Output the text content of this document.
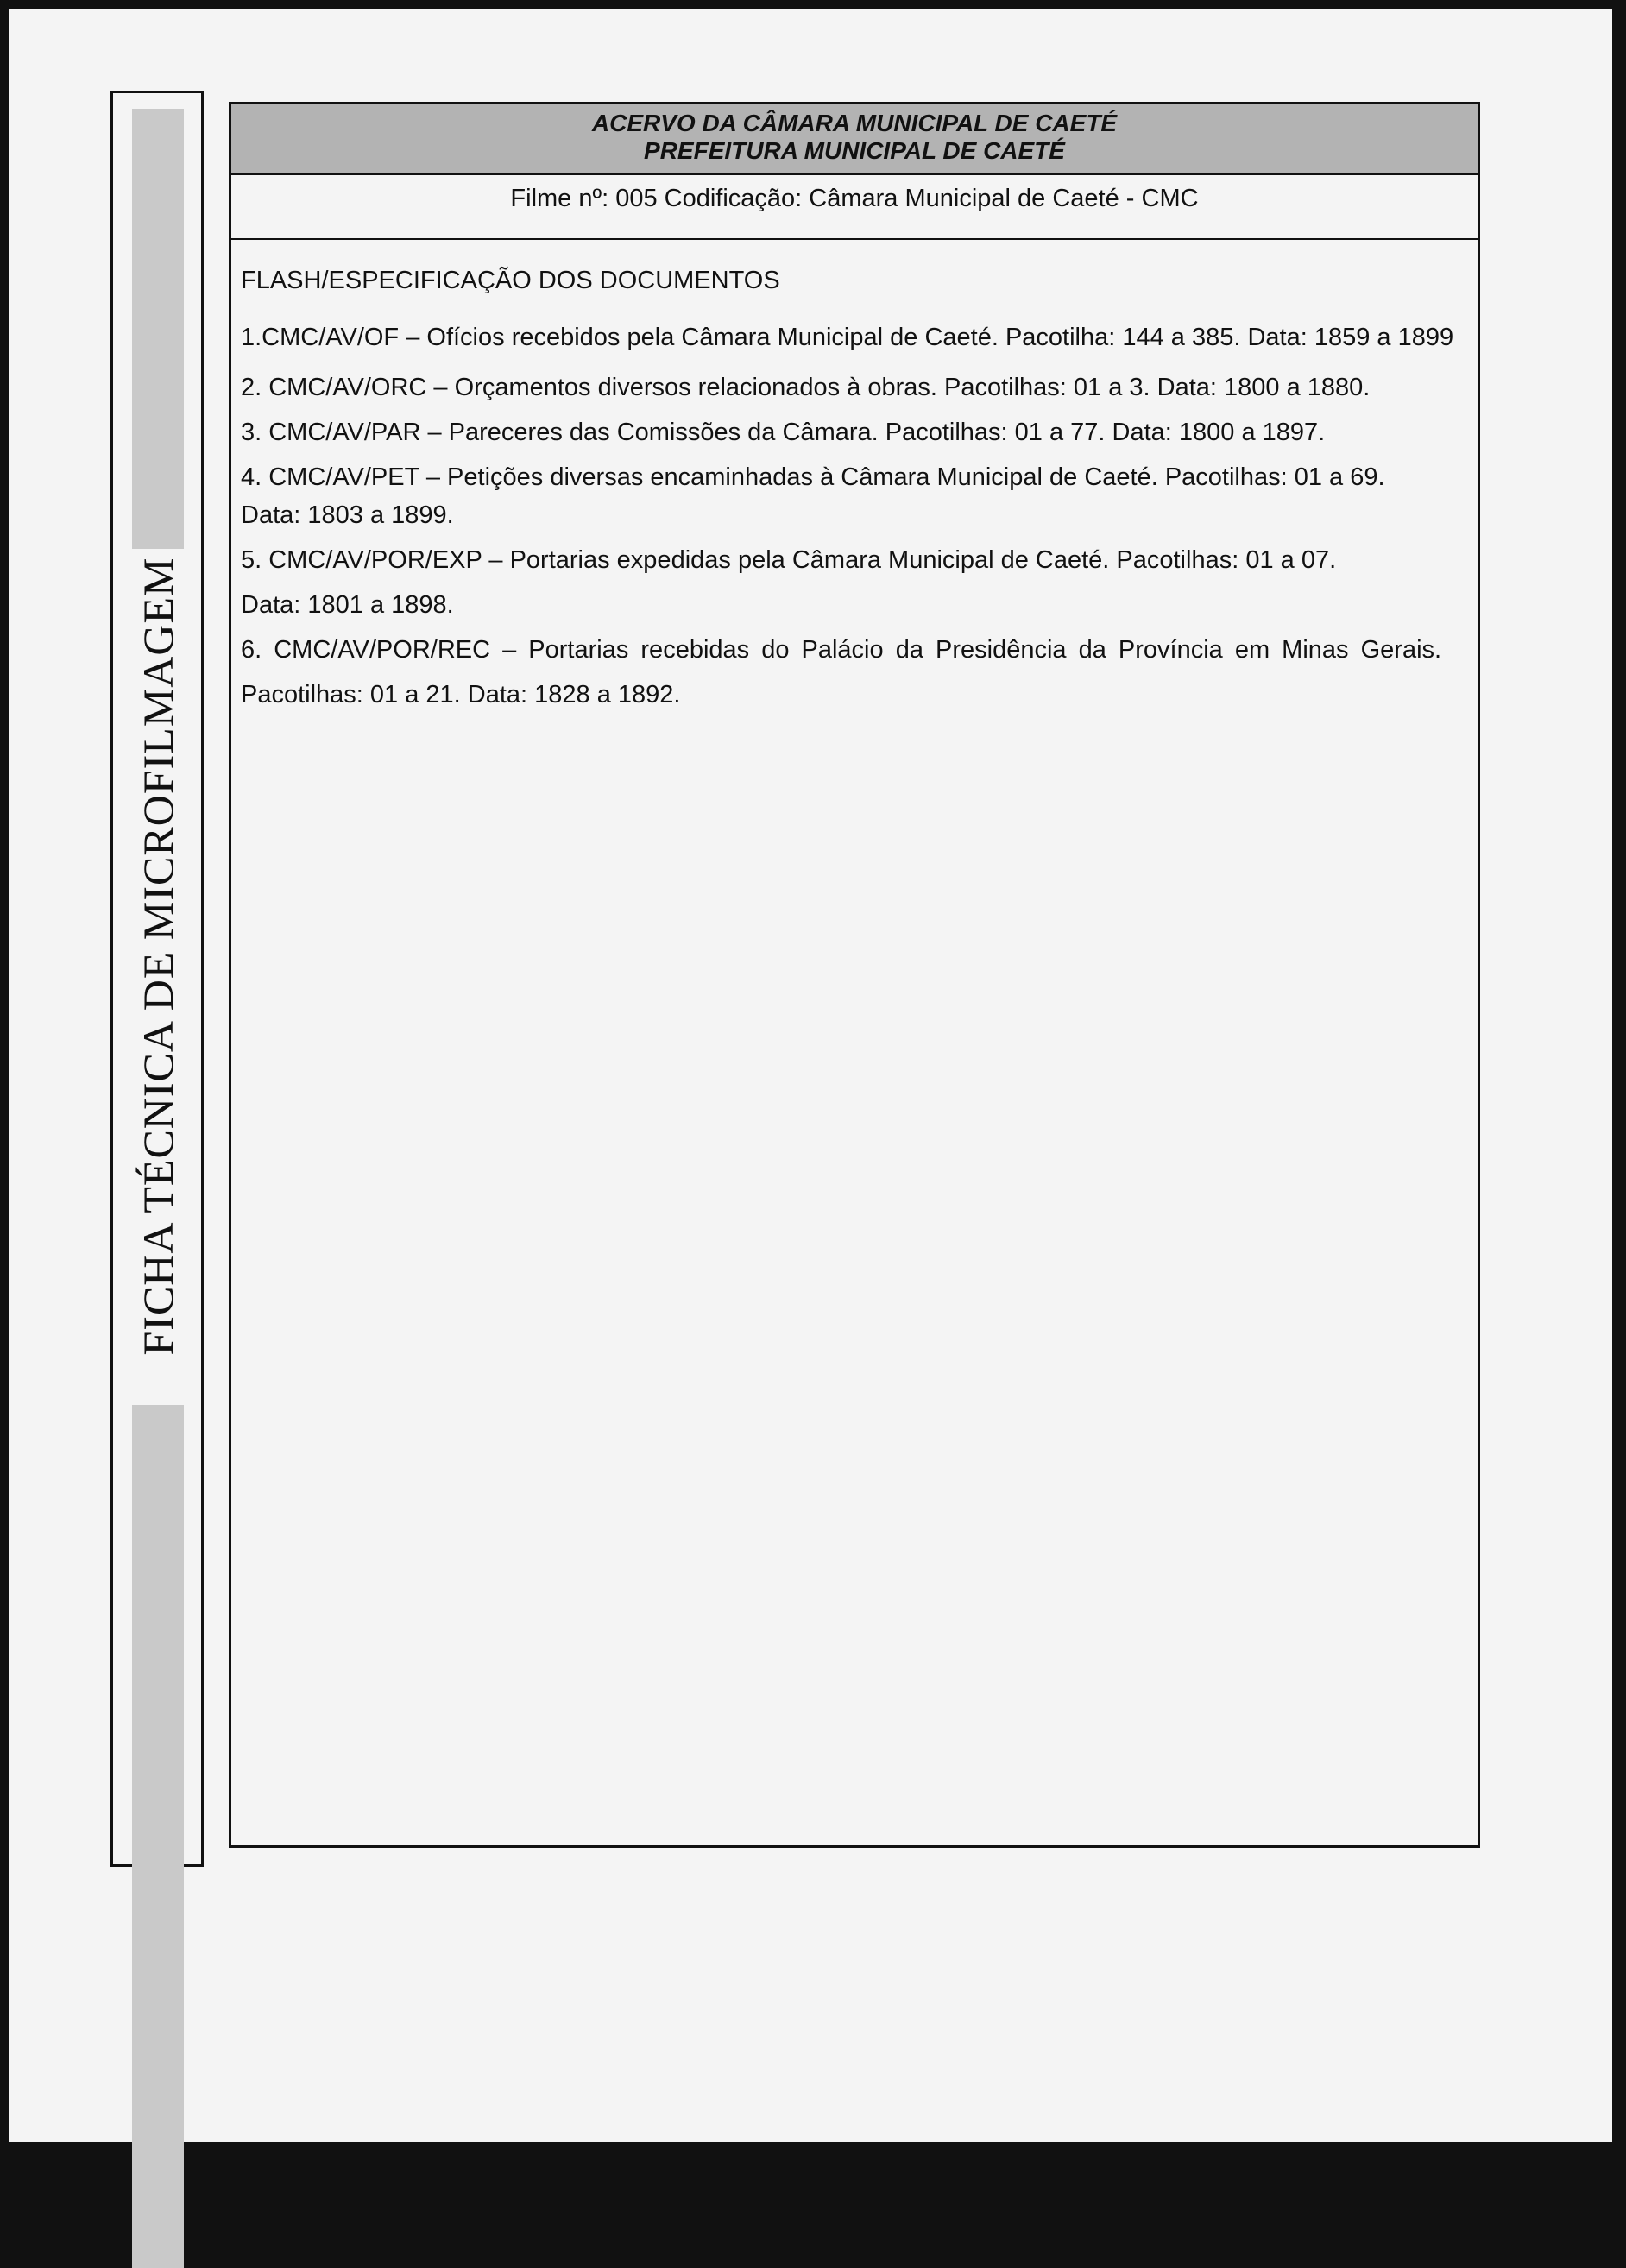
FICHA TÉCNICA DE MICROFILMAGEM
ACERVO DA CÂMARA MUNICIPAL DE CAETÉ
PREFEITURA MUNICIPAL DE CAETÉ
Filme nº: 005 Codificação: Câmara Municipal de Caeté - CMC

FLASH/ESPECIFICAÇÃO DOS DOCUMENTOS

1.CMC/AV/OF – Ofícios recebidos pela Câmara Municipal de Caeté. Pacotilha: 144 a 385. Data: 1859 a 1899

2. CMC/AV/ORC – Orçamentos diversos relacionados à obras. Pacotilhas: 01 a 3. Data: 1800 a 1880.

3. CMC/AV/PAR – Pareceres das Comissões da Câmara. Pacotilhas: 01 a 77. Data: 1800 a 1897.

4. CMC/AV/PET – Petições diversas encaminhadas à Câmara Municipal de Caeté. Pacotilhas: 01 a 69.

Data: 1803 a 1899.

5. CMC/AV/POR/EXP – Portarias expedidas pela Câmara Municipal de Caeté. Pacotilhas: 01 a 07.

Data: 1801 a 1898.

6. CMC/AV/POR/REC – Portarias recebidas do Palácio da Presidência da Província em Minas Gerais.

Pacotilhas: 01 a 21. Data: 1828 a 1892.
